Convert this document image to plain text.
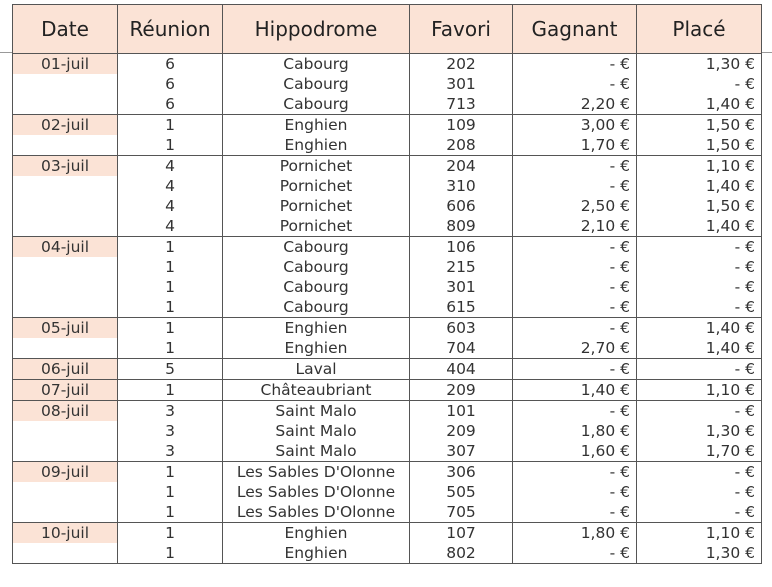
Date	Réunion	Hippodrome	Favori	Gagnant	Placé
01-juil	6	Cabourg	202	- €	1,30 €
	6	Cabourg	301	- €	- €
	6	Cabourg	713	2,20 €	1,40 €
02-juil	1	Enghien	109	3,00 €	1,50 €
	1	Enghien	208	1,70 €	1,50 €
03-juil	4	Pornichet	204	- €	1,10 €
	4	Pornichet	310	- €	1,40 €
	4	Pornichet	606	2,50 €	1,50 €
	4	Pornichet	809	2,10 €	1,40 €
04-juil	1	Cabourg	106	- €	- €
	1	Cabourg	215	- €	- €
	1	Cabourg	301	- €	- €
	1	Cabourg	615	- €	- €
05-juil	1	Enghien	603	- €	1,40 €
	1	Enghien	704	2,70 €	1,40 €
06-juil	5	Laval	404	- €	- €
07-juil	1	Châteaubriant	209	1,40 €	1,10 €
08-juil	3	Saint Malo	101	- €	- €
	3	Saint Malo	209	1,80 €	1,30 €
	3	Saint Malo	307	1,60 €	1,70 €
09-juil	1	Les Sables D'Olonne	306	- €	- €
	1	Les Sables D'Olonne	505	- €	- €
	1	Les Sables D'Olonne	705	- €	- €
10-juil	1	Enghien	107	1,80 €	1,10 €
	1	Enghien	802	- €	1,30 €
